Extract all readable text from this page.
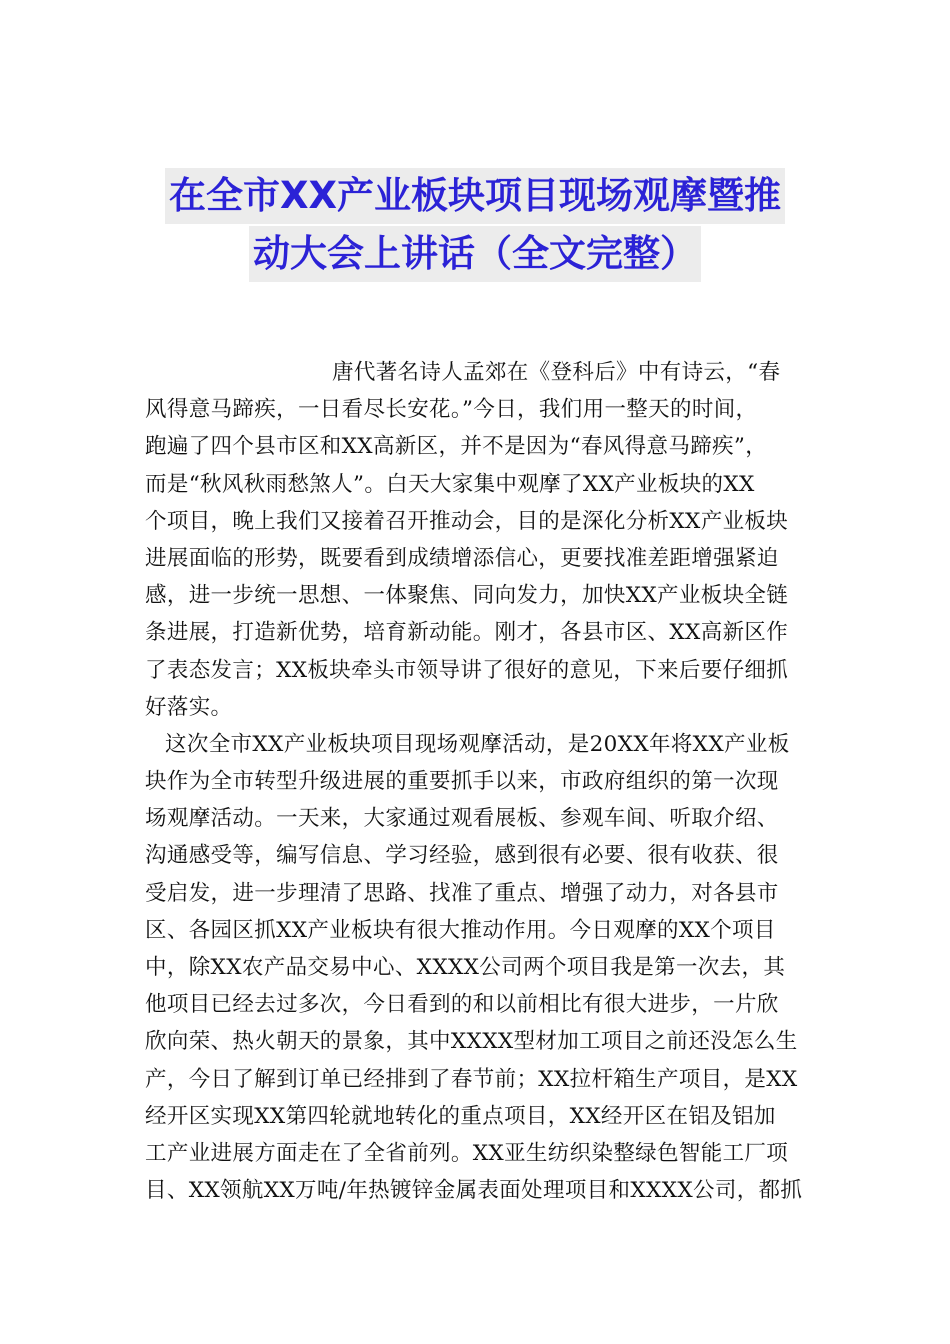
在全市XX产业板块项目现场观摩暨推
动大会上讲话（全文完整）
唐代著名诗人孟郊在《登科后》中有诗云，“春
风得意马蹄疾，一日看尽长安花。”今日，我们用一整天的时间，
跑遍了四个县市区和XX高新区，并不是因为“春风得意马蹄疾”，
而是“秋风秋雨愁煞人”。白天大家集中观摩了XX产业板块的XX
个项目，晚上我们又接着召开推动会，目的是深化分析XX产业板块
进展面临的形势，既要看到成绩增添信心，更要找准差距增强紧迫
感，进一步统一思想、一体聚焦、同向发力，加快XX产业板块全链
条进展，打造新优势，培育新动能。刚才，各县市区、XX高新区作
了表态发言；XX板块牵头市领导讲了很好的意见，下来后要仔细抓
好落实。
这次全市XX产业板块项目现场观摩活动，是20XX年将XX产业板
块作为全市转型升级进展的重要抓手以来，市政府组织的第一次现
场观摩活动。一天来，大家通过观看展板、参观车间、听取介绍、
沟通感受等，编写信息、学习经验，感到很有必要、很有收获、很
受启发，进一步理清了思路、找准了重点、增强了动力，对各县市
区、各园区抓XX产业板块有很大推动作用。今日观摩的XX个项目
中，除XX农产品交易中心、XXXX公司两个项目我是第一次去，其
他项目已经去过多次，今日看到的和以前相比有很大进步，一片欣
欣向荣、热火朝天的景象，其中XXXX型材加工项目之前还没怎么生
产，今日了解到订单已经排到了春节前；XX拉杆箱生产项目，是XX
经开区实现XX第四轮就地转化的重点项目，XX经开区在铝及铝加
工产业进展方面走在了全省前列。XX亚生纺织染整绿色智能工厂项
目、XX领航XX万吨/年热镀锌金属表面处理项目和XXXX公司，都抓
